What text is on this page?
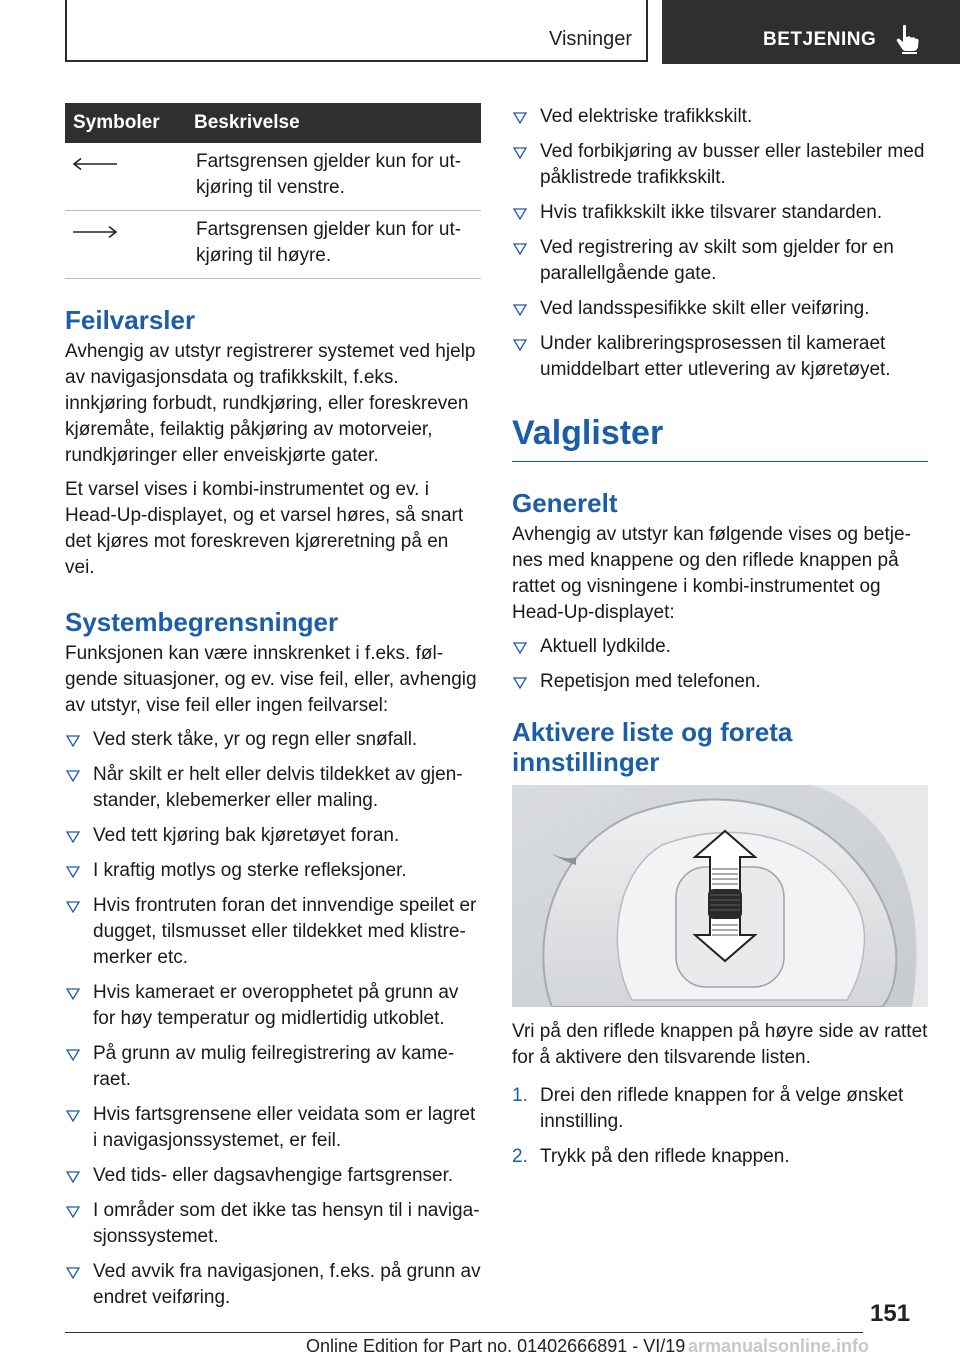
Visninger	BETJENING
Symboler	Beskrivelse

	Fartsgrensen gjelder kun for utkjøring til venstre.

	Fartsgrensen gjelder kun for utkjøring til høyre.
Feilvarsler

Avhengig av utstyr registrerer systemet ved hjelp av navigasjonsdata og trafikkskilt, f.eks. innkjøring forbudt, rundkjøring, eller foreskreven kjøremåte, feilaktig påkjøring av motorveier, rundkjøringer eller enveiskjørte gater.

Et varsel vises i kombi-instrumentet og ev. i Head-Up-displayet, og et varsel høres, så snart det kjøres mot foreskreven kjøreretning på en vei.

Systembegrensninger

Funksjonen kan være innskrenket i f.eks. følgende situasjoner, og ev. vise feil, eller, avhengig av utstyr, vise feil eller ingen feilvarsel:

Ved sterk tåke, yr og regn eller snøfall.
Når skilt er helt eller delvis tildekket av gjenstander, klebemerker eller maling.
Ved tett kjøring bak kjøretøyet foran.
I kraftig motlys og sterke refleksjoner.
Hvis frontruten foran det innvendige speilet er dugget, tilsmusset eller tildekket med klistremerker etc.
Hvis kameraet er overopphetet på grunn av for høy temperatur og midlertidig utkoblet.
På grunn av mulig feilregistrering av kameraet.
Hvis fartsgrensene eller veidata som er lagret i navigasjonssystemet, er feil.
Ved tids- eller dagsavhengige fartsgrenser.
I områder som det ikke tas hensyn til i navigasjonssystemet.
Ved avvik fra navigasjonen, f.eks. på grunn av endret veiføring.
Ved elektriske trafikkskilt.
Ved forbikjøring av busser eller lastebiler med påklistrede trafikkskilt.
Hvis trafikkskilt ikke tilsvarer standarden.
Ved registrering av skilt som gjelder for en parallellgående gate.
Ved landsspesifikke skilt eller veiføring.
Under kalibreringsprosessen til kameraet umiddelbart etter utlevering av kjøretøyet.
Valglister
Generelt

Avhengig av utstyr kan følgende vises og betjenes med knappene og den riflede knappen på rattet og visningene i kombi-instrumentet og Head-Up-displayet:

Aktuell lydkilde.
Repetisjon med telefonen.
Aktivere liste og foreta innstillinger

Vri på den riflede knappen på høyre side av rattet for å aktivere den tilsvarende listen.

1. Drei den riflede knappen for å velge ønsket innstilling.
2. Trykk på den riflede knappen.
151
Online Edition for Part no. 01402666891 - VI/19 armanualsonline.info
